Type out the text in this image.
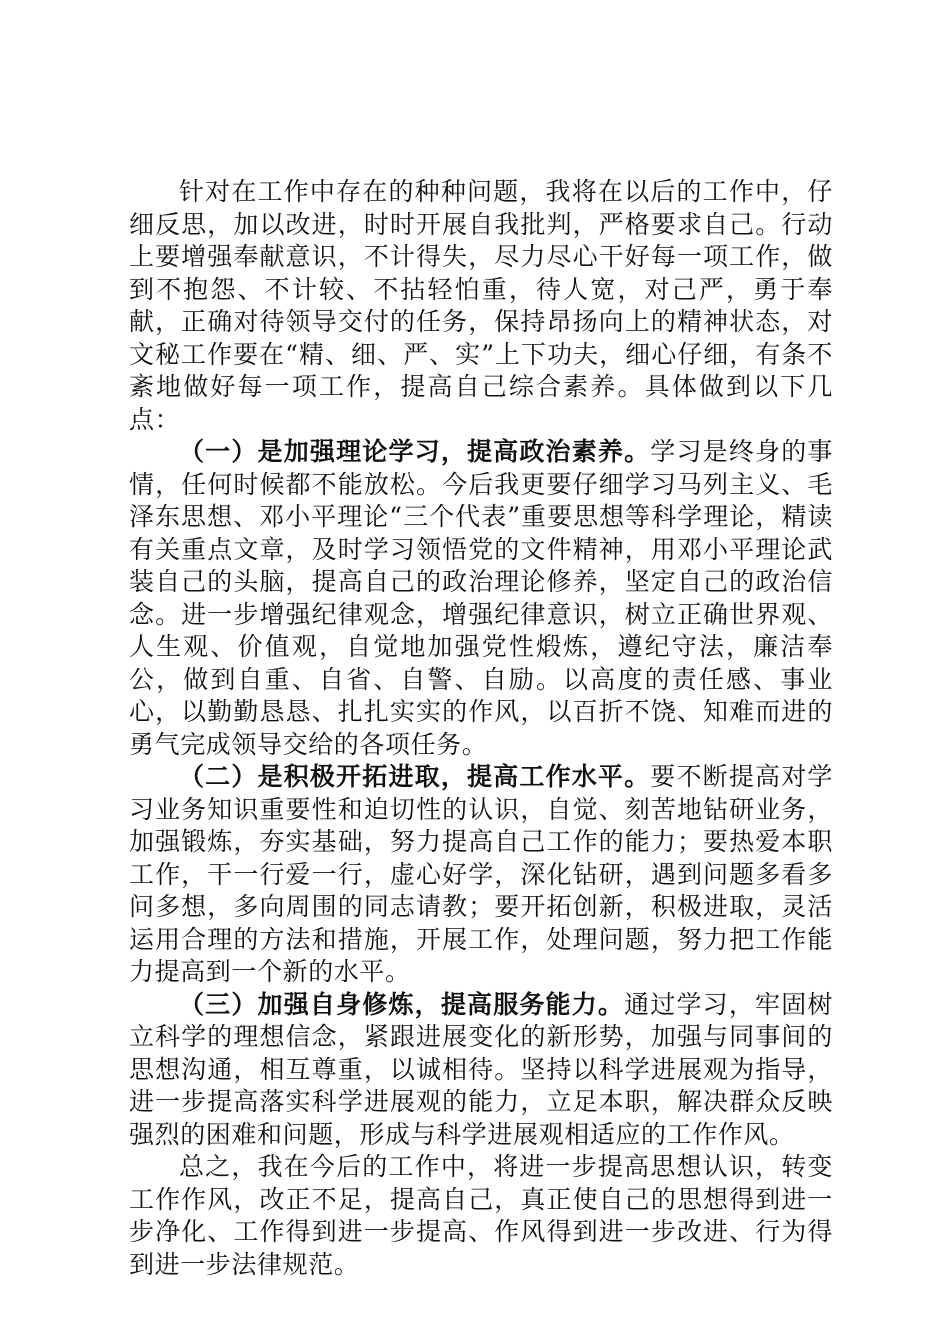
针对在工作中存在的种种问题，我将在以后的工作中，仔细反思，加以改进，时时开展自我批判，严格要求自己。行动上要增强奉献意识，不计得失，尽力尽心干好每一项工作，做到不抱怨、不计较、不拈轻怕重，待人宽，对己严，勇于奉献，正确对待领导交付的任务，保持昂扬向上的精神状态，对文秘工作要在“精、细、严、实”上下功夫，细心仔细，有条不紊地做好每一项工作，提高自己综合素养。具体做到以下几点：

（一）是加强理论学习，提高政治素养。学习是终身的事情，任何时候都不能放松。今后我更要仔细学习马列主义、毛泽东思想、邓小平理论“三个代表”重要思想等科学理论，精读有关重点文章，及时学习领悟党的文件精神，用邓小平理论武装自己的头脑，提高自己的政治理论修养，坚定自己的政治信念。进一步增强纪律观念，增强纪律意识，树立正确世界观、人生观、价值观，自觉地加强党性煅炼，遵纪守法，廉洁奉公，做到自重、自省、自警、自励。以高度的责任感、事业心，以勤勤恳恳、扎扎实实的作风，以百折不饶、知难而进的勇气完成领导交给的各项任务。

（二）是积极开拓进取，提高工作水平。要不断提高对学习业务知识重要性和迫切性的认识，自觉、刻苦地钻研业务，加强锻炼，夯实基础，努力提高自己工作的能力；要热爱本职工作，干一行爱一行，虚心好学，深化钻研，遇到问题多看多问多想，多向周围的同志请教；要开拓创新，积极进取，灵活运用合理的方法和措施，开展工作，处理问题，努力把工作能力提高到一个新的水平。

（三）加强自身修炼，提高服务能力。通过学习，牢固树立科学的理想信念，紧跟进展变化的新形势，加强与同事间的思想沟通，相互尊重，以诚相待。坚持以科学进展观为指导，进一步提高落实科学进展观的能力，立足本职，解决群众反映强烈的困难和问题，形成与科学进展观相适应的工作作风。

总之，我在今后的工作中，将进一步提高思想认识，转变工作作风，改正不足，提高自己，真正使自己的思想得到进一步净化、工作得到进一步提高、作风得到进一步改进、行为得到进一步法律规范。
